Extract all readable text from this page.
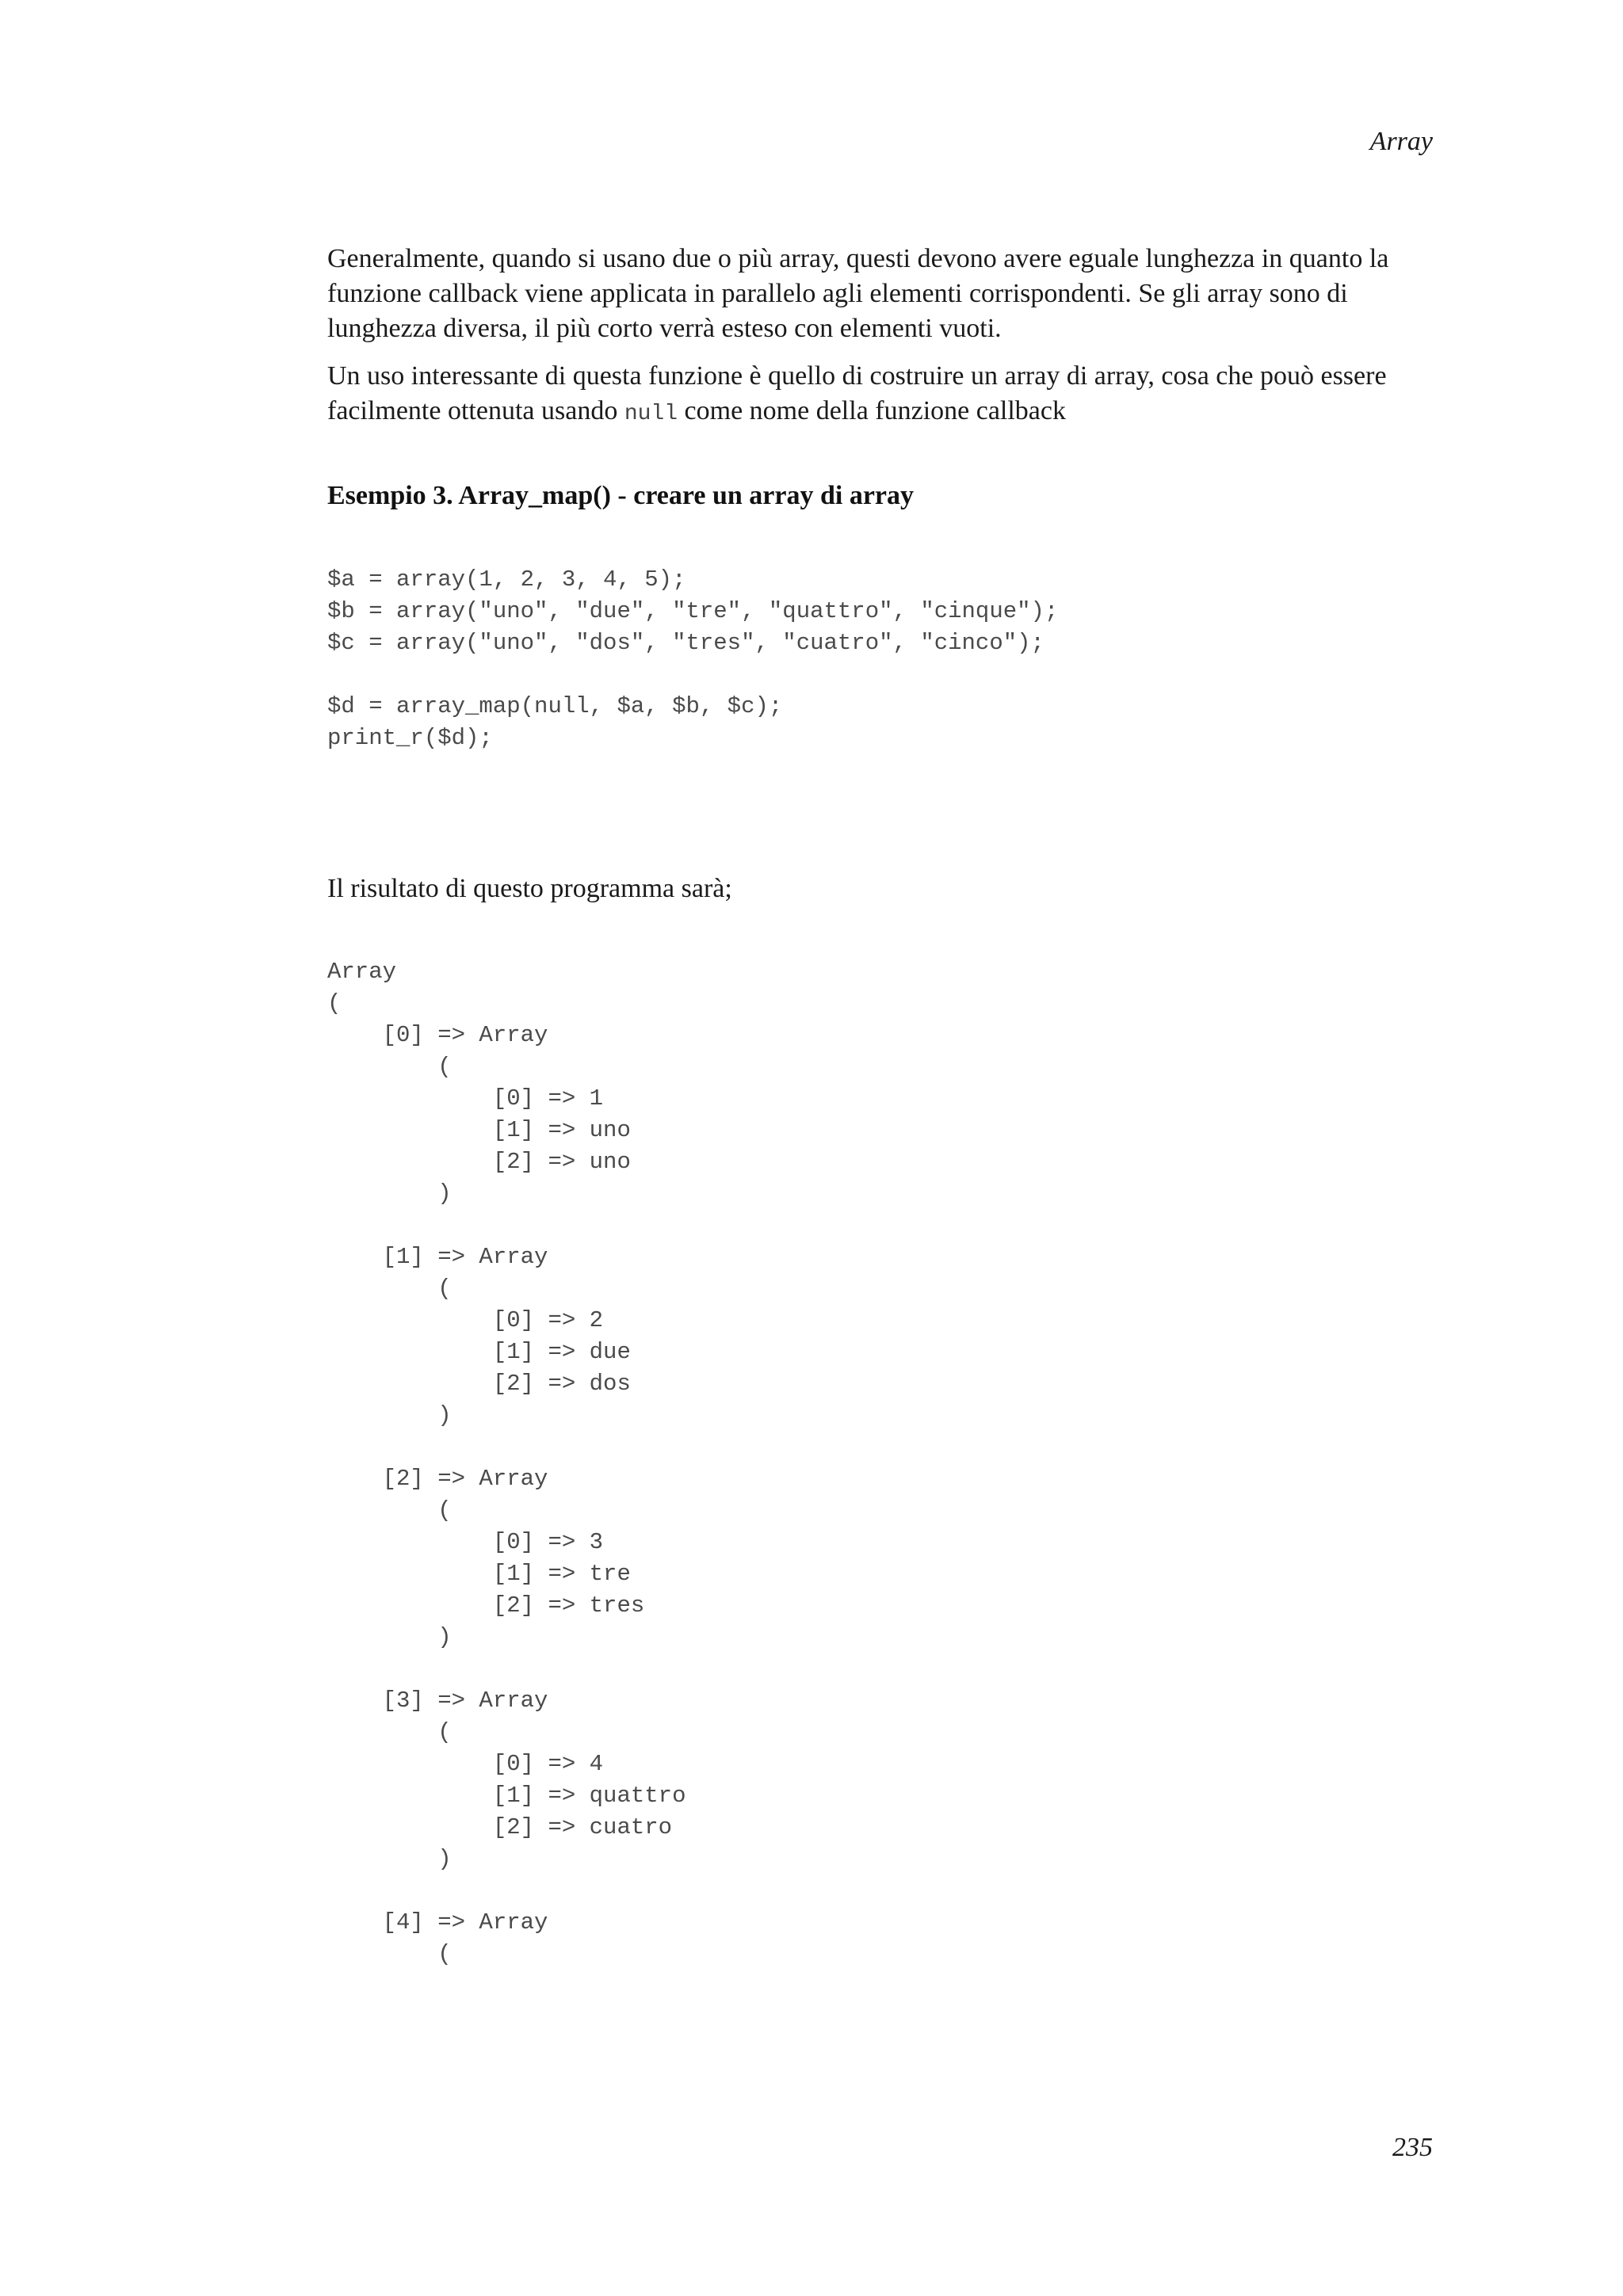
Array

Generalmente, quando si usano due o più array, questi devono avere eguale lunghezza in quanto la funzione callback viene applicata in parallelo agli elementi corrispondenti. Se gli array sono di lunghezza diversa, il più corto verrà esteso con elementi vuoti.

Un uso interessante di questa funzione è quello di costruire un array di array, cosa che pouò essere facilmente ottenuta usando null come nome della funzione callback

Esempio 3. Array_map() - creare un array di array

$a = array(1, 2, 3, 4, 5);
$b = array("uno", "due", "tre", "quattro", "cinque");
$c = array("uno", "dos", "tres", "cuatro", "cinco");

$d = array_map(null, $a, $b, $c);
print_r($d);

Il risultato di questo programma sarà;

Array
(
[0] => Array
(
[0] => 1
[1] => uno
[2] => uno
)

[1] => Array
(
[0] => 2
[1] => due
[2] => dos
)

[2] => Array
(
[0] => 3
[1] => tre
[2] => tres
)

[3] => Array
(
[0] => 4
[1] => quattro
[2] => cuatro
)

[4] => Array
(
235
